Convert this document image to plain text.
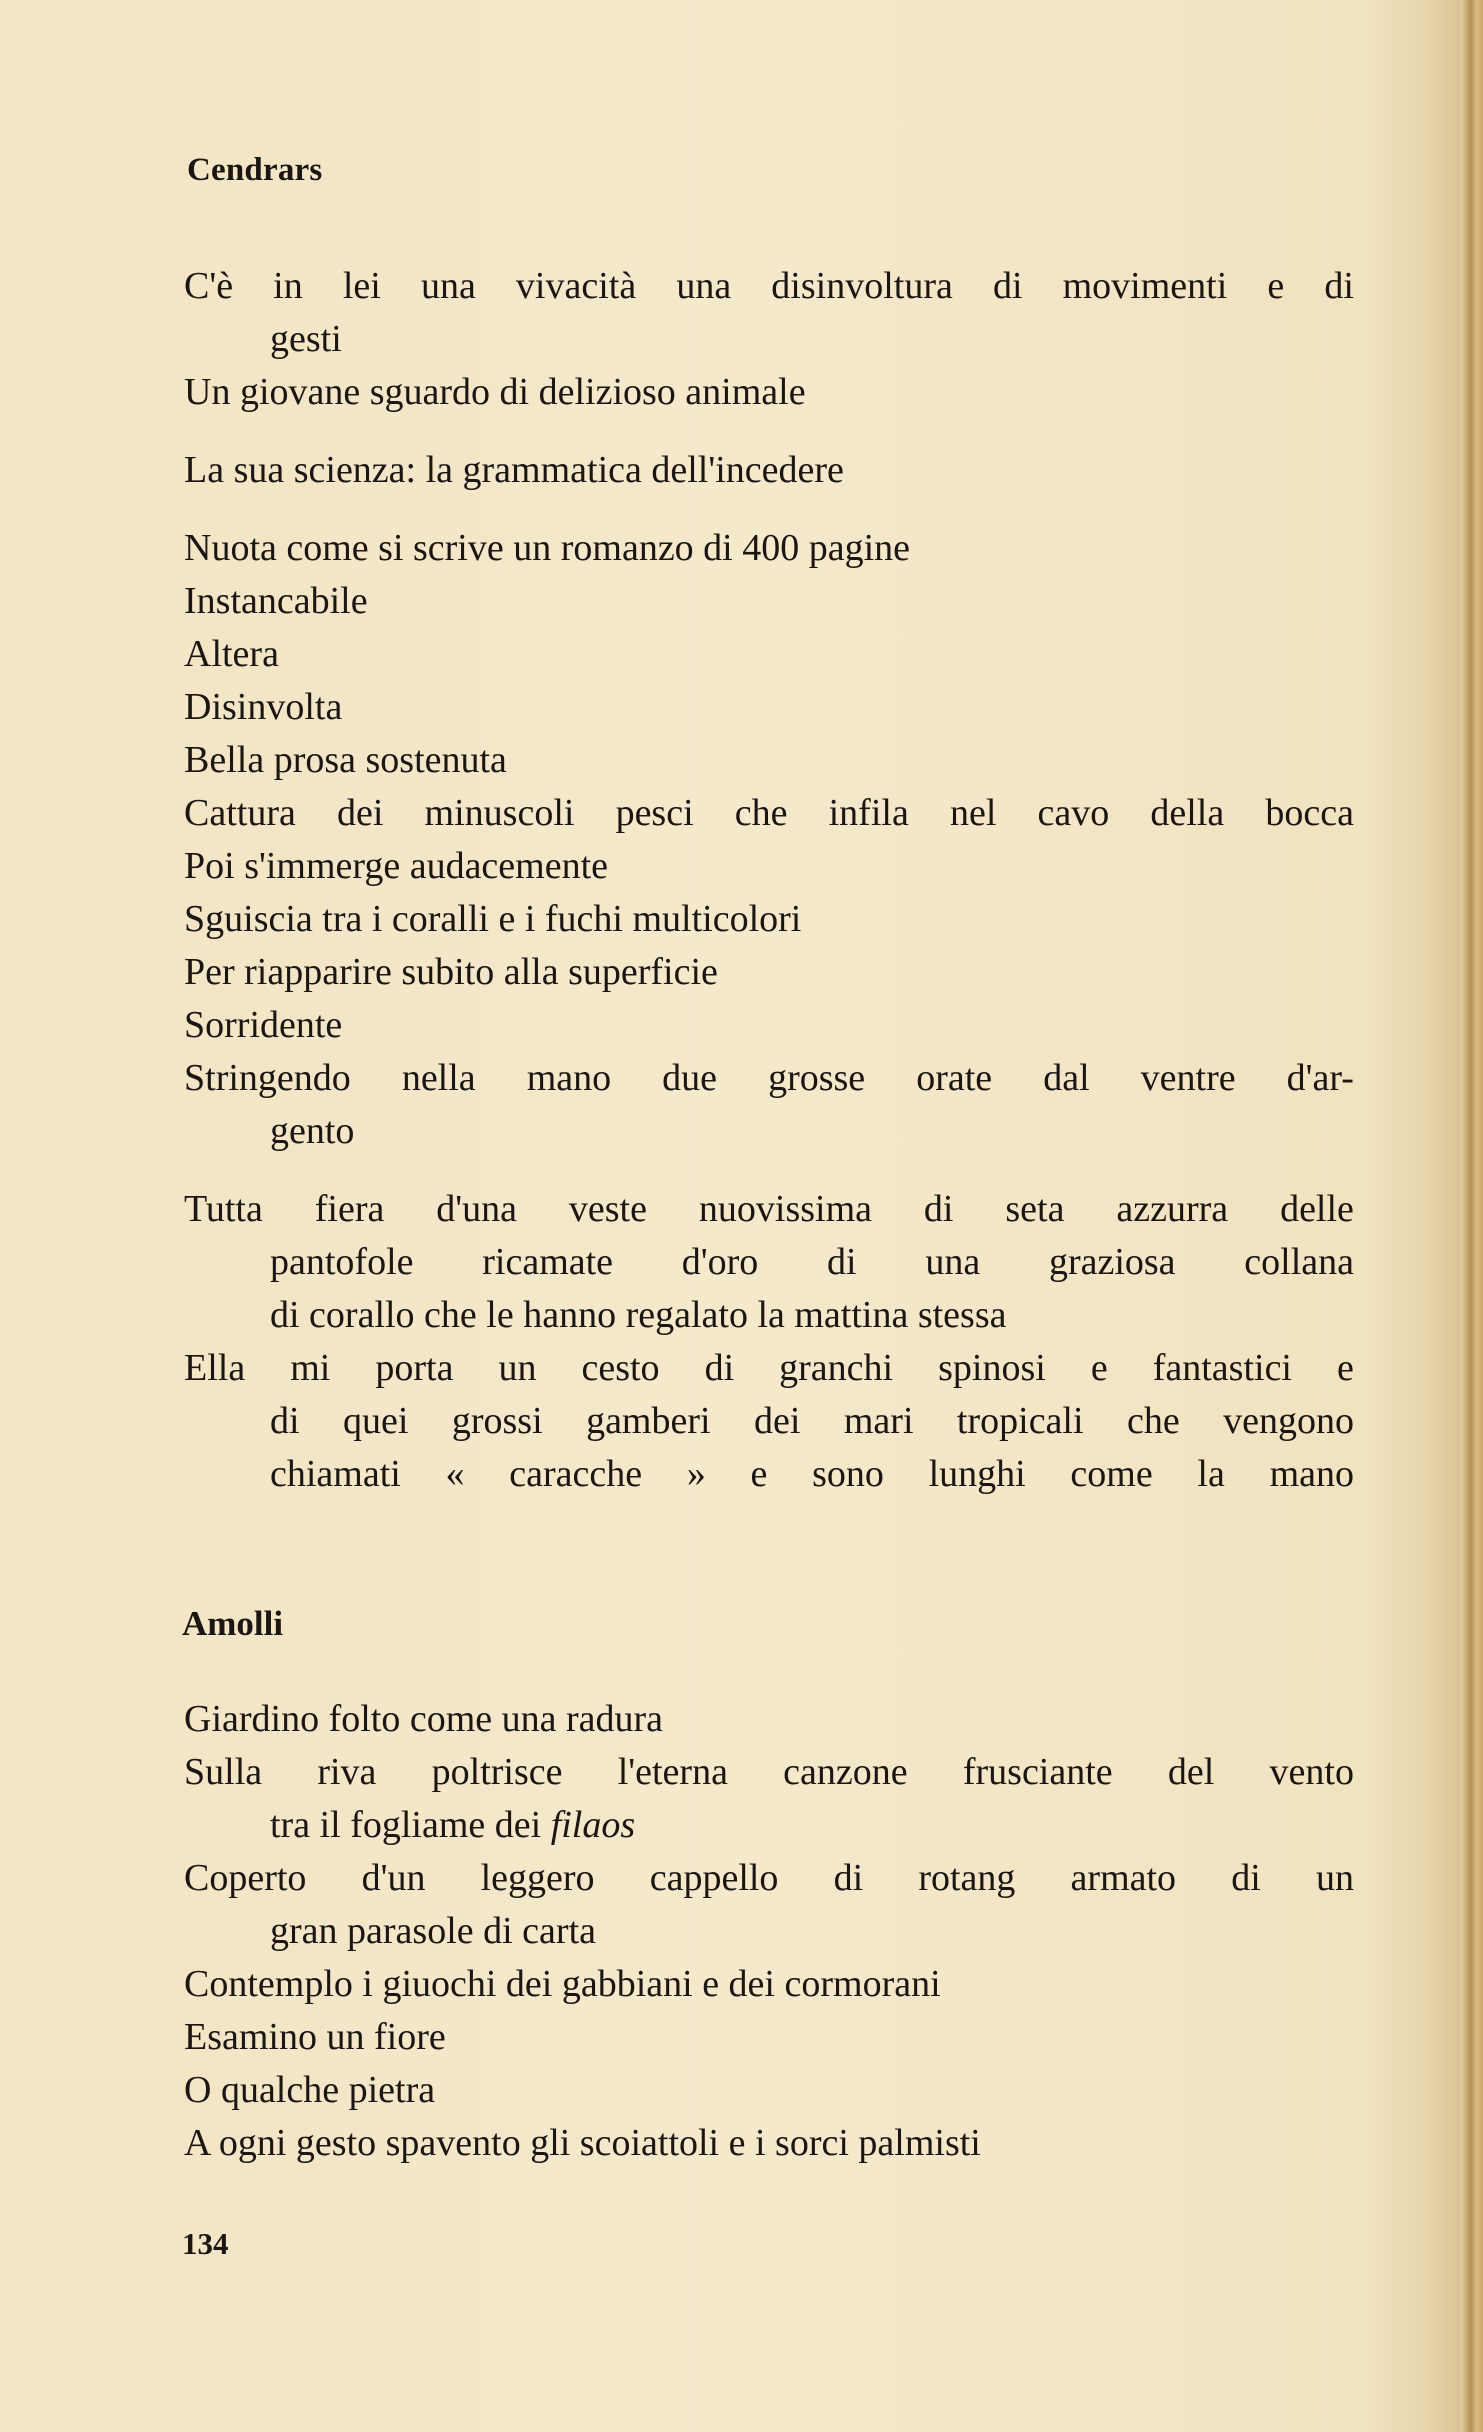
Cendrars
C'è in lei una vivacità una disinvoltura di movimenti e di
gesti
Un giovane sguardo di delizioso animale
La sua scienza: la grammatica dell'incedere
Nuota come si scrive un romanzo di 400 pagine
Instancabile
Altera
Disinvolta
Bella prosa sostenuta
Cattura dei minuscoli pesci che infila nel cavo della bocca
Poi s'immerge audacemente
Sguiscia tra i coralli e i fuchi multicolori
Per riapparire subito alla superficie
Sorridente
Stringendo nella mano due grosse orate dal ventre d'ar-
gento
Tutta fiera d'una veste nuovissima di seta azzurra delle
pantofole ricamate d'oro di una graziosa collana
di corallo che le hanno regalato la mattina stessa
Ella mi porta un cesto di granchi spinosi e fantastici e
di quei grossi gamberi dei mari tropicali che vengono
chiamati « caracche » e sono lunghi come la mano
Amolli
Giardino folto come una radura
Sulla riva poltrisce l'eterna canzone frusciante del vento
tra il fogliame dei filaos
Coperto d'un leggero cappello di rotang armato di un
gran parasole di carta
Contemplo i giuochi dei gabbiani e dei cormorani
Esamino un fiore
O qualche pietra
A ogni gesto spavento gli scoiattoli e i sorci palmisti
134
